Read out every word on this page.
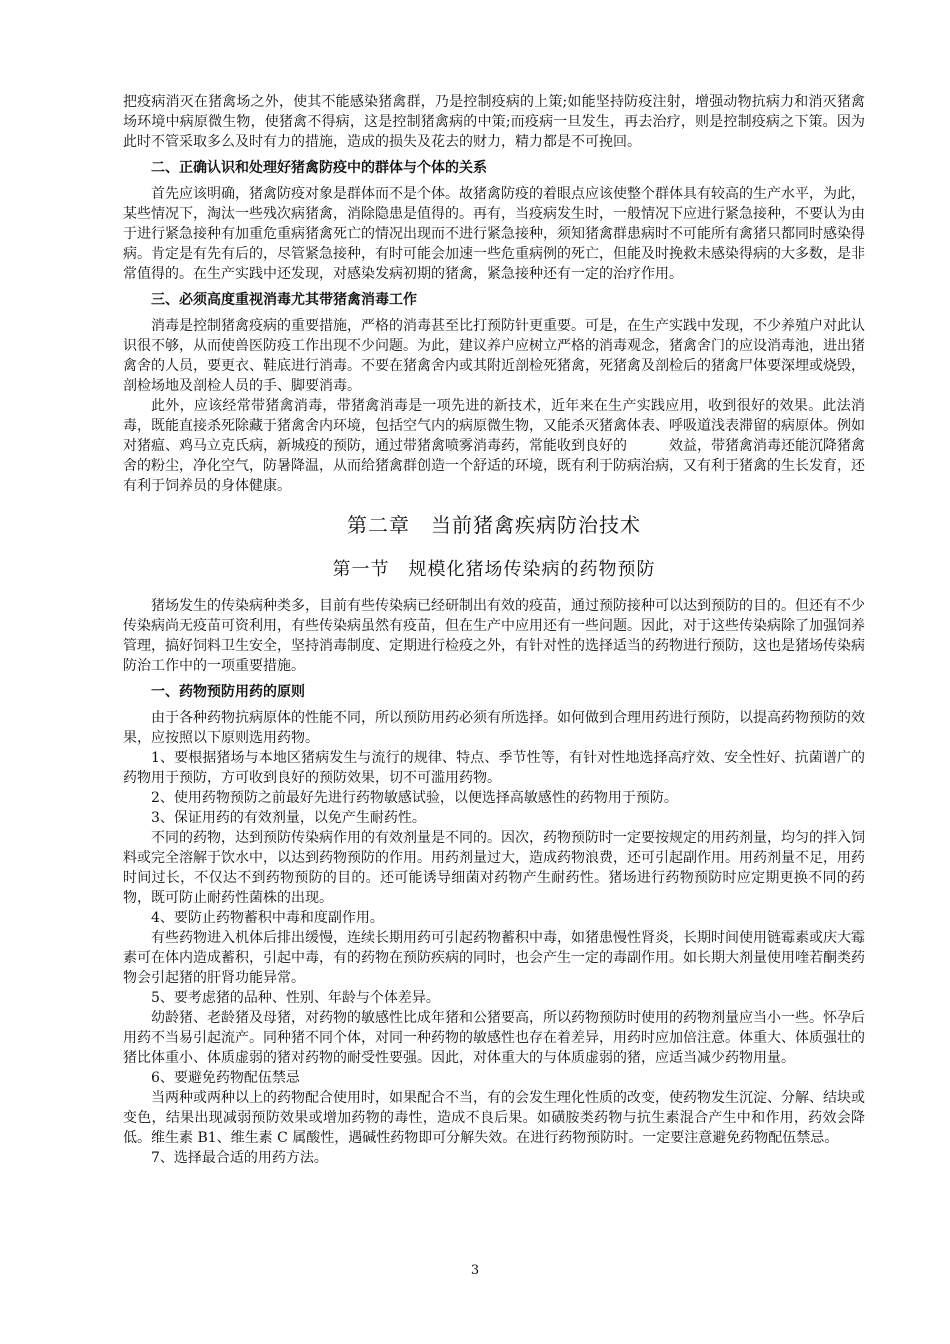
把疫病消灭在猪禽场之外，使其不能感染猪禽群，乃是控制疫病的上策;如能坚持防疫注射，增强动物抗病力和消灭猪禽场环境中病原微生物，使猪禽不得病，这是控制猪禽病的中策;而疫病一旦发生，再去治疗，则是控制疫病之下策。因为此时不管采取多么及时有力的措施，造成的损失及花去的财力，精力都是不可挽回。

二、正确认识和处理好猪禽防疫中的群体与个体的关系

首先应该明确，猪禽防疫对象是群体而不是个体。故猪禽防疫的着眼点应该使整个群体具有较高的生产水平，为此，某些情况下，淘汰一些残次病猪禽，消除隐患是值得的。再有，当疫病发生时，一般情况下应进行紧急接种，不要认为由于进行紧急接种有加重危重病猪禽死亡的情况出现而不进行紧急接种，须知猪禽群患病时不可能所有禽猪只都同时感染得病。肯定是有先有后的，尽管紧急接种，有时可能会加速一些危重病例的死亡，但能及时挽救未感染得病的大多数，是非常值得的。在生产实践中还发现，对感染发病初期的猪禽，紧急接种还有一定的治疗作用。

三、必须高度重视消毒尤其带猪禽消毒工作

消毒是控制猪禽疫病的重要措施，严格的消毒甚至比打预防针更重要。可是，在生产实践中发现，不少养殖户对此认识很不够，从而使兽医防疫工作出现不少问题。为此，建议养户应树立严格的消毒观念，猪禽舍门的应设消毒池，进出猪禽舍的人员，要更衣、鞋底进行消毒。不要在猪禽舍内或其附近剖检死猪禽，死猪禽及剖检后的猪禽尸体要深埋或烧毁，剖检场地及剖检人员的手、脚要消毒。

此外，应该经常带猪禽消毒，带猪禽消毒是一项先进的新技术，近年来在生产实践应用，收到很好的效果。此法消毒，既能直接杀死除藏于猪禽舍内环境，包括空气内的病原微生物，又能杀灭猪禽体表、呼吸道浅表滞留的病原体。例如对猪瘟、鸡马立克氏病，新城疫的预防，通过带猪禽喷雾消毒药，常能收到良好的	效益，带猪禽消毒还能沉降猪禽舍的粉尘，净化空气，防暑降温，从而给猪禽群创造一个舒适的环境，既有利于防病治病，又有利于猪禽的生长发育，还有利于饲养员的身体健康。

第二章　当前猪禽疾病防治技术
第一节　规模化猪场传染病的药物预防

猪场发生的传染病种类多，目前有些传染病已经研制出有效的疫苗，通过预防接种可以达到预防的目的。但还有不少传染病尚无疫苗可资利用，有些传染病虽然有疫苗，但在生产中应用还有一些问题。因此，对于这些传染病除了加强饲养管理，搞好饲料卫生安全，坚持消毒制度、定期进行检疫之外，有针对性的选择适当的药物进行预防，这也是猪场传染病防治工作中的一项重要措施。

一、药物预防用药的原则

由于各种药物抗病原体的性能不同，所以预防用药必须有所选择。如何做到合理用药进行预防，以提高药物预防的效果，应按照以下原则选用药物。

1、要根据猪场与本地区猪病发生与流行的规律、特点、季节性等，有针对性地选择高疗效、安全性好、抗菌谱广的药物用于预防，方可收到良好的预防效果，切不可滥用药物。

2、使用药物预防之前最好先进行药物敏感试验，以便选择高敏感性的药物用于预防。

3、保证用药的有效剂量，以免产生耐药性。

不同的药物，达到预防传染病作用的有效剂量是不同的。因次，药物预防时一定要按规定的用药剂量，均匀的拌入饲料或完全溶解于饮水中，以达到药物预防的作用。用药剂量过大，造成药物浪费，还可引起副作用。用药剂量不足，用药时间过长，不仅达不到药物预防的目的。还可能诱导细菌对药物产生耐药性。猪场进行药物预防时应定期更换不同的药物，既可防止耐药性菌株的出现。

4、要防止药物蓄积中毒和度副作用。

有些药物进入机体后排出缓慢，连续长期用药可引起药物蓄积中毒，如猪患慢性肾炎，长期时间使用链霉素或庆大霉素可在体内造成蓄积，引起中毒，有的药物在预防疾病的同时，也会产生一定的毒副作用。如长期大剂量使用喹若酮类药物会引起猪的肝肾功能异常。

5、要考虑猪的品种、性别、年龄与个体差异。

幼龄猪、老龄猪及母猪，对药物的敏感性比成年猪和公猪要高，所以药物预防时使用的药物剂量应当小一些。怀孕后用药不当易引起流产。同种猪不同个体，对同一种药物的敏感性也存在着差异，用药时应加倍注意。体重大、体质强壮的猪比体重小、体质虚弱的猪对药物的耐受性要强。因此，对体重大的与体质虚弱的猪，应适当减少药物用量。

6、要避免药物配伍禁忌

当两种或两种以上的药物配合使用时，如果配合不当，有的会发生理化性质的改变，使药物发生沉淀、分解、结块或变色，结果出现减弱预防效果或增加药物的毒性，造成不良后果。如磺胺类药物与抗生素混合产生中和作用，药效会降低。维生素 B1、维生素 C 属酸性，遇碱性药物即可分解失效。在进行药物预防时。一定要注意避免药物配伍禁忌。

7、选择最合适的用药方法。

3
